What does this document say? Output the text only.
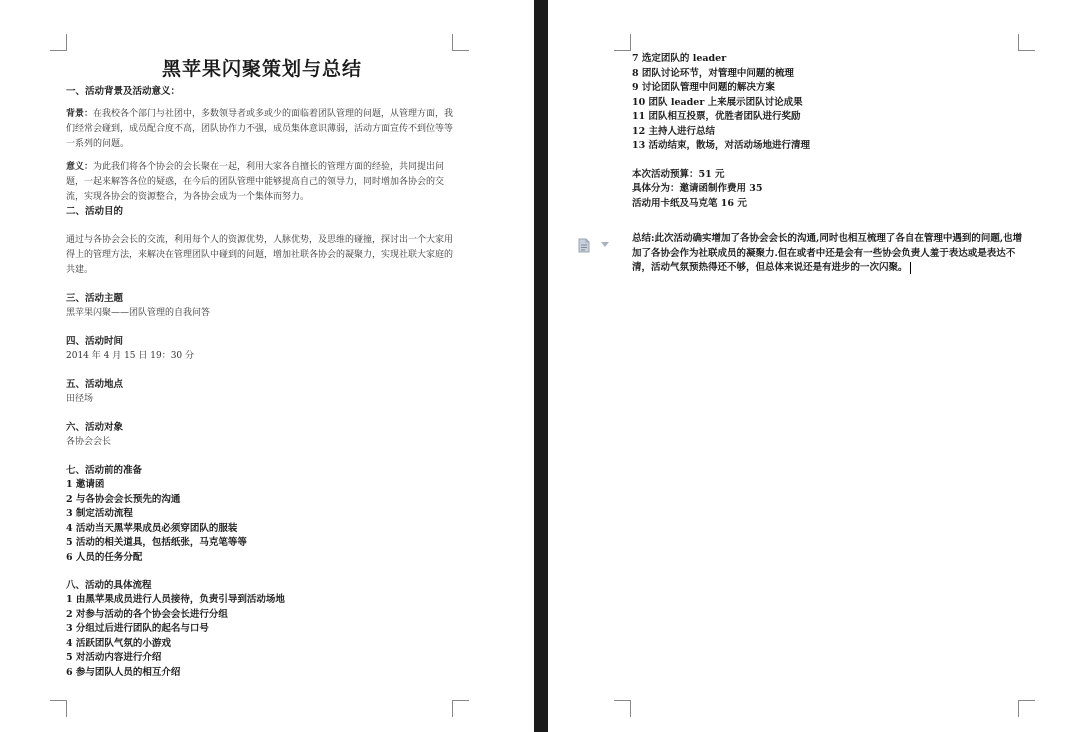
黑苹果闪聚策划与总结
一、活动背景及活动意义：
背景：在我校各个部门与社团中，多数领导者或多或少的面临着团队管理的问题，从管理方面，我们经常会碰到，成员配合度不高，团队协作力不强，成员集体意识薄弱，活动方面宣传不到位等等一系列的问题。
意义：为此我们将各个协会的会长聚在一起，利用大家各自擅长的管理方面的经验，共同提出问题，一起来解答各位的疑惑，在今后的团队管理中能够提高自己的领导力，同时增加各协会的交流，实现各协会的资源整合，为各协会成为一个集体而努力。
二、活动目的
通过与各协会会长的交流，利用每个人的资源优势，人脉优势，及思维的碰撞，探讨出一个大家用得上的管理方法，来解决在管理团队中碰到的问题，增加社联各协会的凝聚力，实现社联大家庭的共建。
三、活动主题
黑苹果闪聚——团队管理的自我问答
四、活动时间
2014 年 4 月 15 日 19：30 分
五、活动地点
田径场
六、活动对象
各协会会长
七、活动前的准备
1 邀请函
2 与各协会会长预先的沟通
3 制定活动流程
4 活动当天黑苹果成员必须穿团队的服装
5 活动的相关道具，包括纸张，马克笔等等
6 人员的任务分配
八、活动的具体流程
1 由黑苹果成员进行人员接待，负责引导到活动场地
2 对参与活动的各个协会会长进行分组
3 分组过后进行团队的起名与口号
4 活跃团队气氛的小游戏
5 对活动内容进行介绍
6 参与团队人员的相互介绍
7 选定团队的 leader
8 团队讨论环节，对管理中问题的梳理
9 讨论团队管理中问题的解决方案
10 团队 leader 上来展示团队讨论成果
11 团队相互投票，优胜者团队进行奖励
12 主持人进行总结
13 活动结束，散场，对活动场地进行清理
本次活动预算：51 元
具体分为：邀请函制作费用 35
活动用卡纸及马克笔 16 元
总结:此次活动确实增加了各协会会长的沟通,同时也相互梳理了各自在管理中遇到的问题,也增加了各协会作为社联成员的凝聚力.但在或者中还是会有一些协会负责人羞于表达或是表达不清，活动气氛预热得还不够，但总体来说还是有进步的一次闪聚。
